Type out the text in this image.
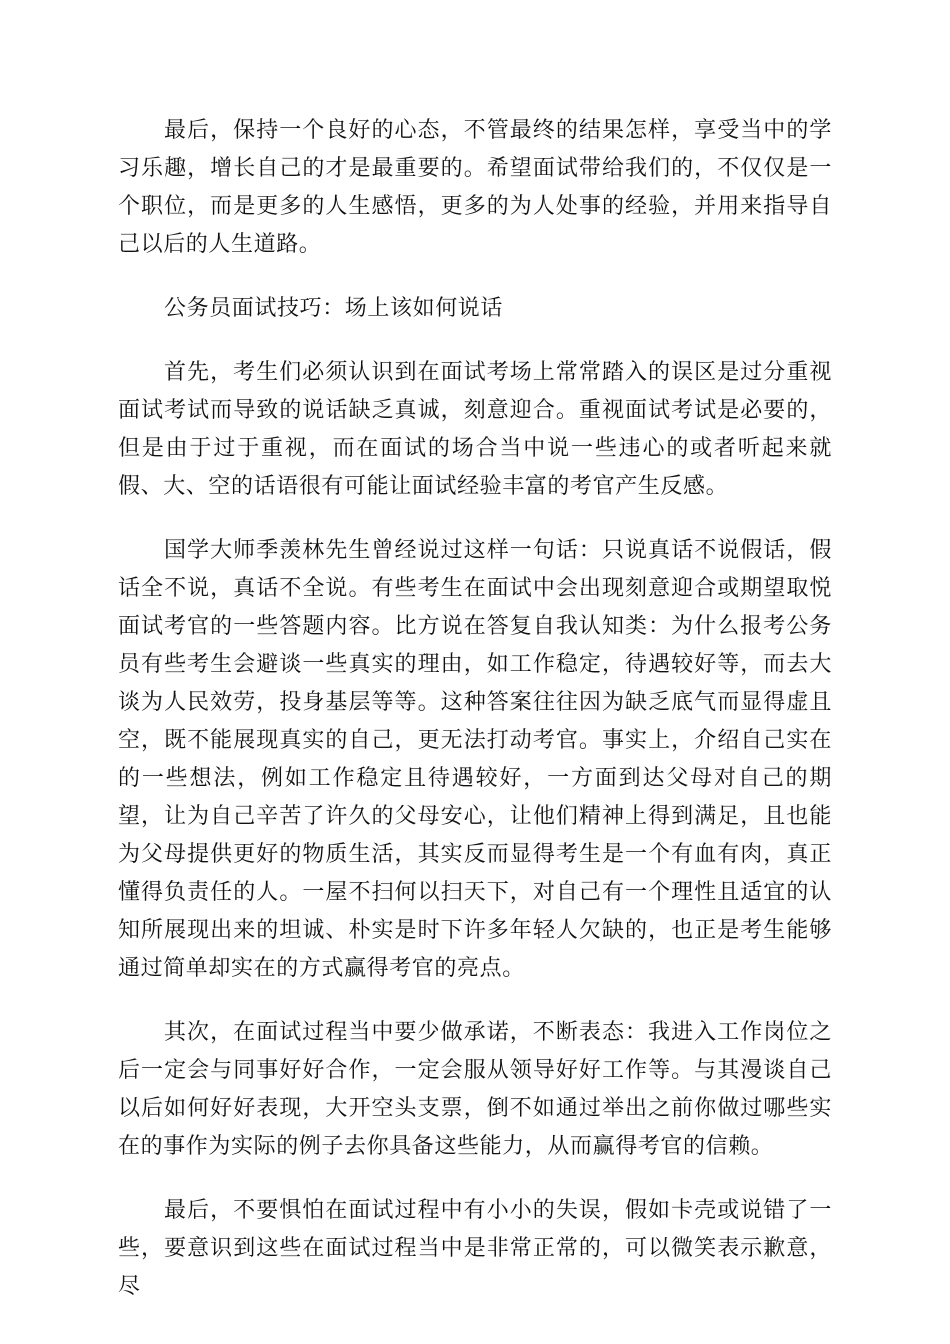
最后，保持一个良好的心态，不管最终的结果怎样，享受当中的学习乐趣，增长自己的才是最重要的。希望面试带给我们的，不仅仅是一个职位，而是更多的人生感悟，更多的为人处事的经验，并用来指导自己以后的人生道路。

公务员面试技巧：场上该如何说话

首先，考生们必须认识到在面试考场上常常踏入的误区是过分重视面试考试而导致的说话缺乏真诚，刻意迎合。重视面试考试是必要的，但是由于过于重视，而在面试的场合当中说一些违心的或者听起来就假、大、空的话语很有可能让面试经验丰富的考官产生反感。

国学大师季羡林先生曾经说过这样一句话：只说真话不说假话，假话全不说，真话不全说。有些考生在面试中会出现刻意迎合或期望取悦面试考官的一些答题内容。比方说在答复自我认知类：为什么报考公务员有些考生会避谈一些真实的理由，如工作稳定，待遇较好等，而去大谈为人民效劳，投身基层等等。这种答案往往因为缺乏底气而显得虚且空，既不能展现真实的自己，更无法打动考官。事实上，介绍自己实在的一些想法，例如工作稳定且待遇较好，一方面到达父母对自己的期望，让为自己辛苦了许久的父母安心，让他们精神上得到满足，且也能为父母提供更好的物质生活，其实反而显得考生是一个有血有肉，真正懂得负责任的人。一屋不扫何以扫天下，对自己有一个理性且适宜的认知所展现出来的坦诚、朴实是时下许多年轻人欠缺的，也正是考生能够通过简单却实在的方式赢得考官的亮点。

其次，在面试过程当中要少做承诺，不断表态：我进入工作岗位之后一定会与同事好好合作，一定会服从领导好好工作等。与其漫谈自己以后如何好好表现，大开空头支票，倒不如通过举出之前你做过哪些实在的事作为实际的例子去你具备这些能力，从而赢得考官的信赖。

最后，不要惧怕在面试过程中有小小的失误，假如卡壳或说错了一些，要意识到这些在面试过程当中是非常正常的，可以微笑表示歉意，尽
